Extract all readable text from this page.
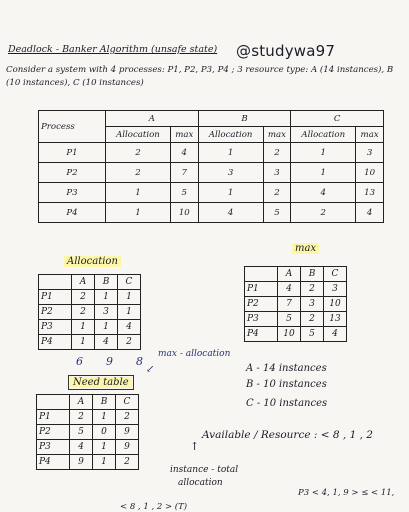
Deadlock - Banker Algorithm (unsafe state) @studywa97
Consider a system with 4 processes: P1, P2, P3, P4 ; 3 resource type: A (14 instances), B (10 instances), C (10 instances)
Process	A		B		C	
	Allocation	max	Allocation	max	Allocation	max
P1	2	4	1	2	1	3
P2	2	7	3	3	1	10
P3	1	5	1	2	4	13
P4	1	10	4	5	2	4
Allocation
	A	B	C
P1	2	1	1
P2	2	3	1
P3	1	1	4
P4	1	4	2
6 9 8
max - allocation
↙
max
	A	B	C
P1	4	2	3
P2	7	3	10
P3	5	2	13
P4	10	5	4
Need table
	A	B	C
P1	2	1	2
P2	5	0	9
P3	4	1	9
P4	9	1	2
A - 14 instances
B - 10 instances
C - 10 instances
Available / Resource : < 8 , 1 , 2
↑
instance - total
allocation
P3 < 4, 1, 9 > ≤ < 11,
< 8 , 1 , 2 > (T)
